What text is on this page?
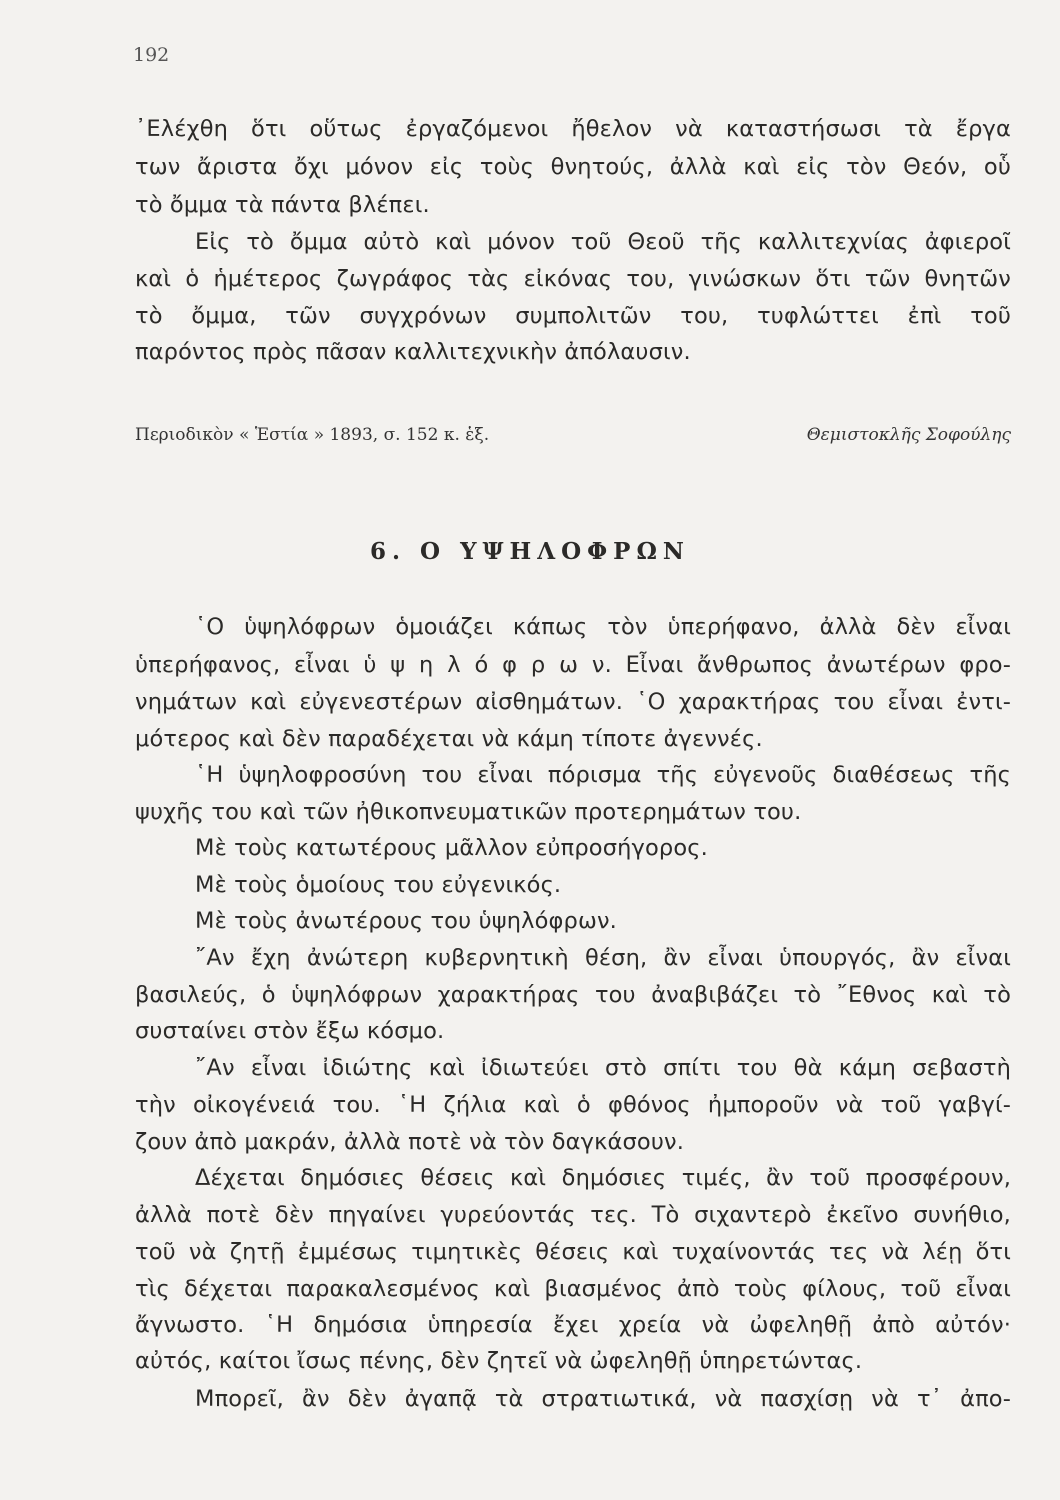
192
᾿Ελέχθη ὅτι οὕτως ἐργαζόμενοι ἤθελον νὰ καταστήσωσι τὰ ἔργα
των ἄριστα ὄχι μόνον εἰς τοὺς θνητούς, ἀλλὰ καὶ εἰς τὸν Θεόν, οὗ
τὸ ὄμμα τὰ πάντα βλέπει.
Εἰς τὸ ὄμμα αὐτὸ καὶ μόνον τοῦ Θεοῦ τῆς καλλιτεχνίας ἀφιεροῖ
καὶ ὁ ἡμέτερος ζωγράφος τὰς εἰκόνας του, γινώσκων ὅτι τῶν θνητῶν
τὸ ὄμμα, τῶν συγχρόνων συμπολιτῶν του, τυφλώττει ἐπὶ τοῦ
παρόντος πρὸς πᾶσαν καλλιτεχνικὴν ἀπόλαυσιν.
Περιοδικὸν « Ἑστία » 1893, σ. 152 κ. ἑξ.	Θεμιστοκλῆς Σοφούλης
6. Ο ΥΨΗΛΟΦΡΩΝ
῾Ο ὑψηλόφρων ὁμοιάζει κάπως τὸν ὑπερήφανο, ἀλλὰ δὲν εἶναι
ὑπερήφανος, εἶναι ὑ ψ η λ ό φ ρ ω ν. Εἶναι ἄνθρωπος ἀνωτέρων φρο-
νημάτων καὶ εὐγενεστέρων αἰσθημάτων. ῾Ο χαρακτήρας του εἶναι ἐντι-
μότερος καὶ δὲν παραδέχεται νὰ κάμη τίποτε ἀγεννές.
῾Η ὑψηλοφροσύνη του εἶναι πόρισμα τῆς εὐγενοῦς διαθέσεως τῆς
ψυχῆς του καὶ τῶν ἠθικοπνευματικῶν προτερημάτων του.
Μὲ τοὺς κατωτέρους μᾶλλον εὐπροσήγορος.
Μὲ τοὺς ὁμοίους του εὐγενικός.
Μὲ τοὺς ἀνωτέρους του ὑψηλόφρων.
῎Αν ἔχη ἀνώτερη κυβερνητικὴ θέση, ἂν εἶναι ὑπουργός, ἂν εἶναι
βασιλεύς, ὁ ὑψηλόφρων χαρακτήρας του ἀναβιβάζει τὸ ῎Εθνος καὶ τὸ
συσταίνει στὸν ἔξω κόσμο.
῎Αν εἶναι ἰδιώτης καὶ ἰδιωτεύει στὸ σπίτι του θὰ κάμη σεβαστὴ
τὴν οἰκογένειά του. ῾Η ζήλια καὶ ὁ φθόνος ἠμποροῦν νὰ τοῦ γαβγί-
ζουν ἀπὸ μακράν, ἀλλὰ ποτὲ νὰ τὸν δαγκάσουν.
Δέχεται δημόσιες θέσεις καὶ δημόσιες τιμές, ἂν τοῦ προσφέρουν,
ἀλλὰ ποτὲ δὲν πηγαίνει γυρεύοντάς τες. Τὸ σιχαντερὸ ἐκεῖνο συνήθιο,
τοῦ νὰ ζητῇ ἐμμέσως τιμητικὲς θέσεις καὶ τυχαίνοντάς τες νὰ λέῃ ὅτι
τὶς δέχεται παρακαλεσμένος καὶ βιασμένος ἀπὸ τοὺς φίλους, τοῦ εἶναι
ἄγνωστο. ῾Η δημόσια ὑπηρεσία ἔχει χρεία νὰ ὠφεληθῇ ἀπὸ αὐτόν·
αὐτός, καίτοι ἴσως πένης, δὲν ζητεῖ νὰ ὠφεληθῇ ὑπηρετώντας.
Μπορεῖ, ἂν δὲν ἀγαπᾷ τὰ στρατιωτικά, νὰ πασχίσῃ νὰ τ᾿ ἀπο-
